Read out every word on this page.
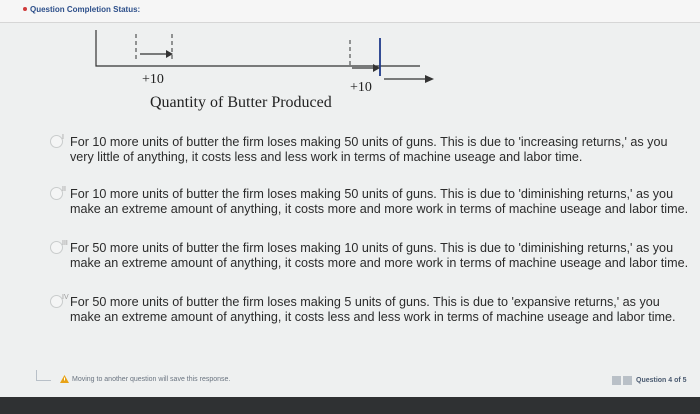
Question Completion Status:
+10
+10
Quantity of Butter Produced
I For 10 more units of butter the firm loses making 50 units of guns. This is due to 'increasing returns,' as you very little of anything, it costs less and less work in terms of machine useage and labor time.
II For 10 more units of butter the firm loses making 50 units of guns. This is due to 'diminishing returns,' as you make an extreme amount of anything, it costs more and more work in terms of machine useage and labor time.
III For 50 more units of butter the firm loses making 10 units of guns. This is due to 'diminishing returns,' as you make an extreme amount of anything, it costs more and more work in terms of machine useage and labor time.
IV For 50 more units of butter the firm loses making 5 units of guns. This is due to 'expansive returns,' as you make an extreme amount of anything, it costs less and less work in terms of machine useage and labor time.
Moving to another question will save this response.	Question 4 of 5
